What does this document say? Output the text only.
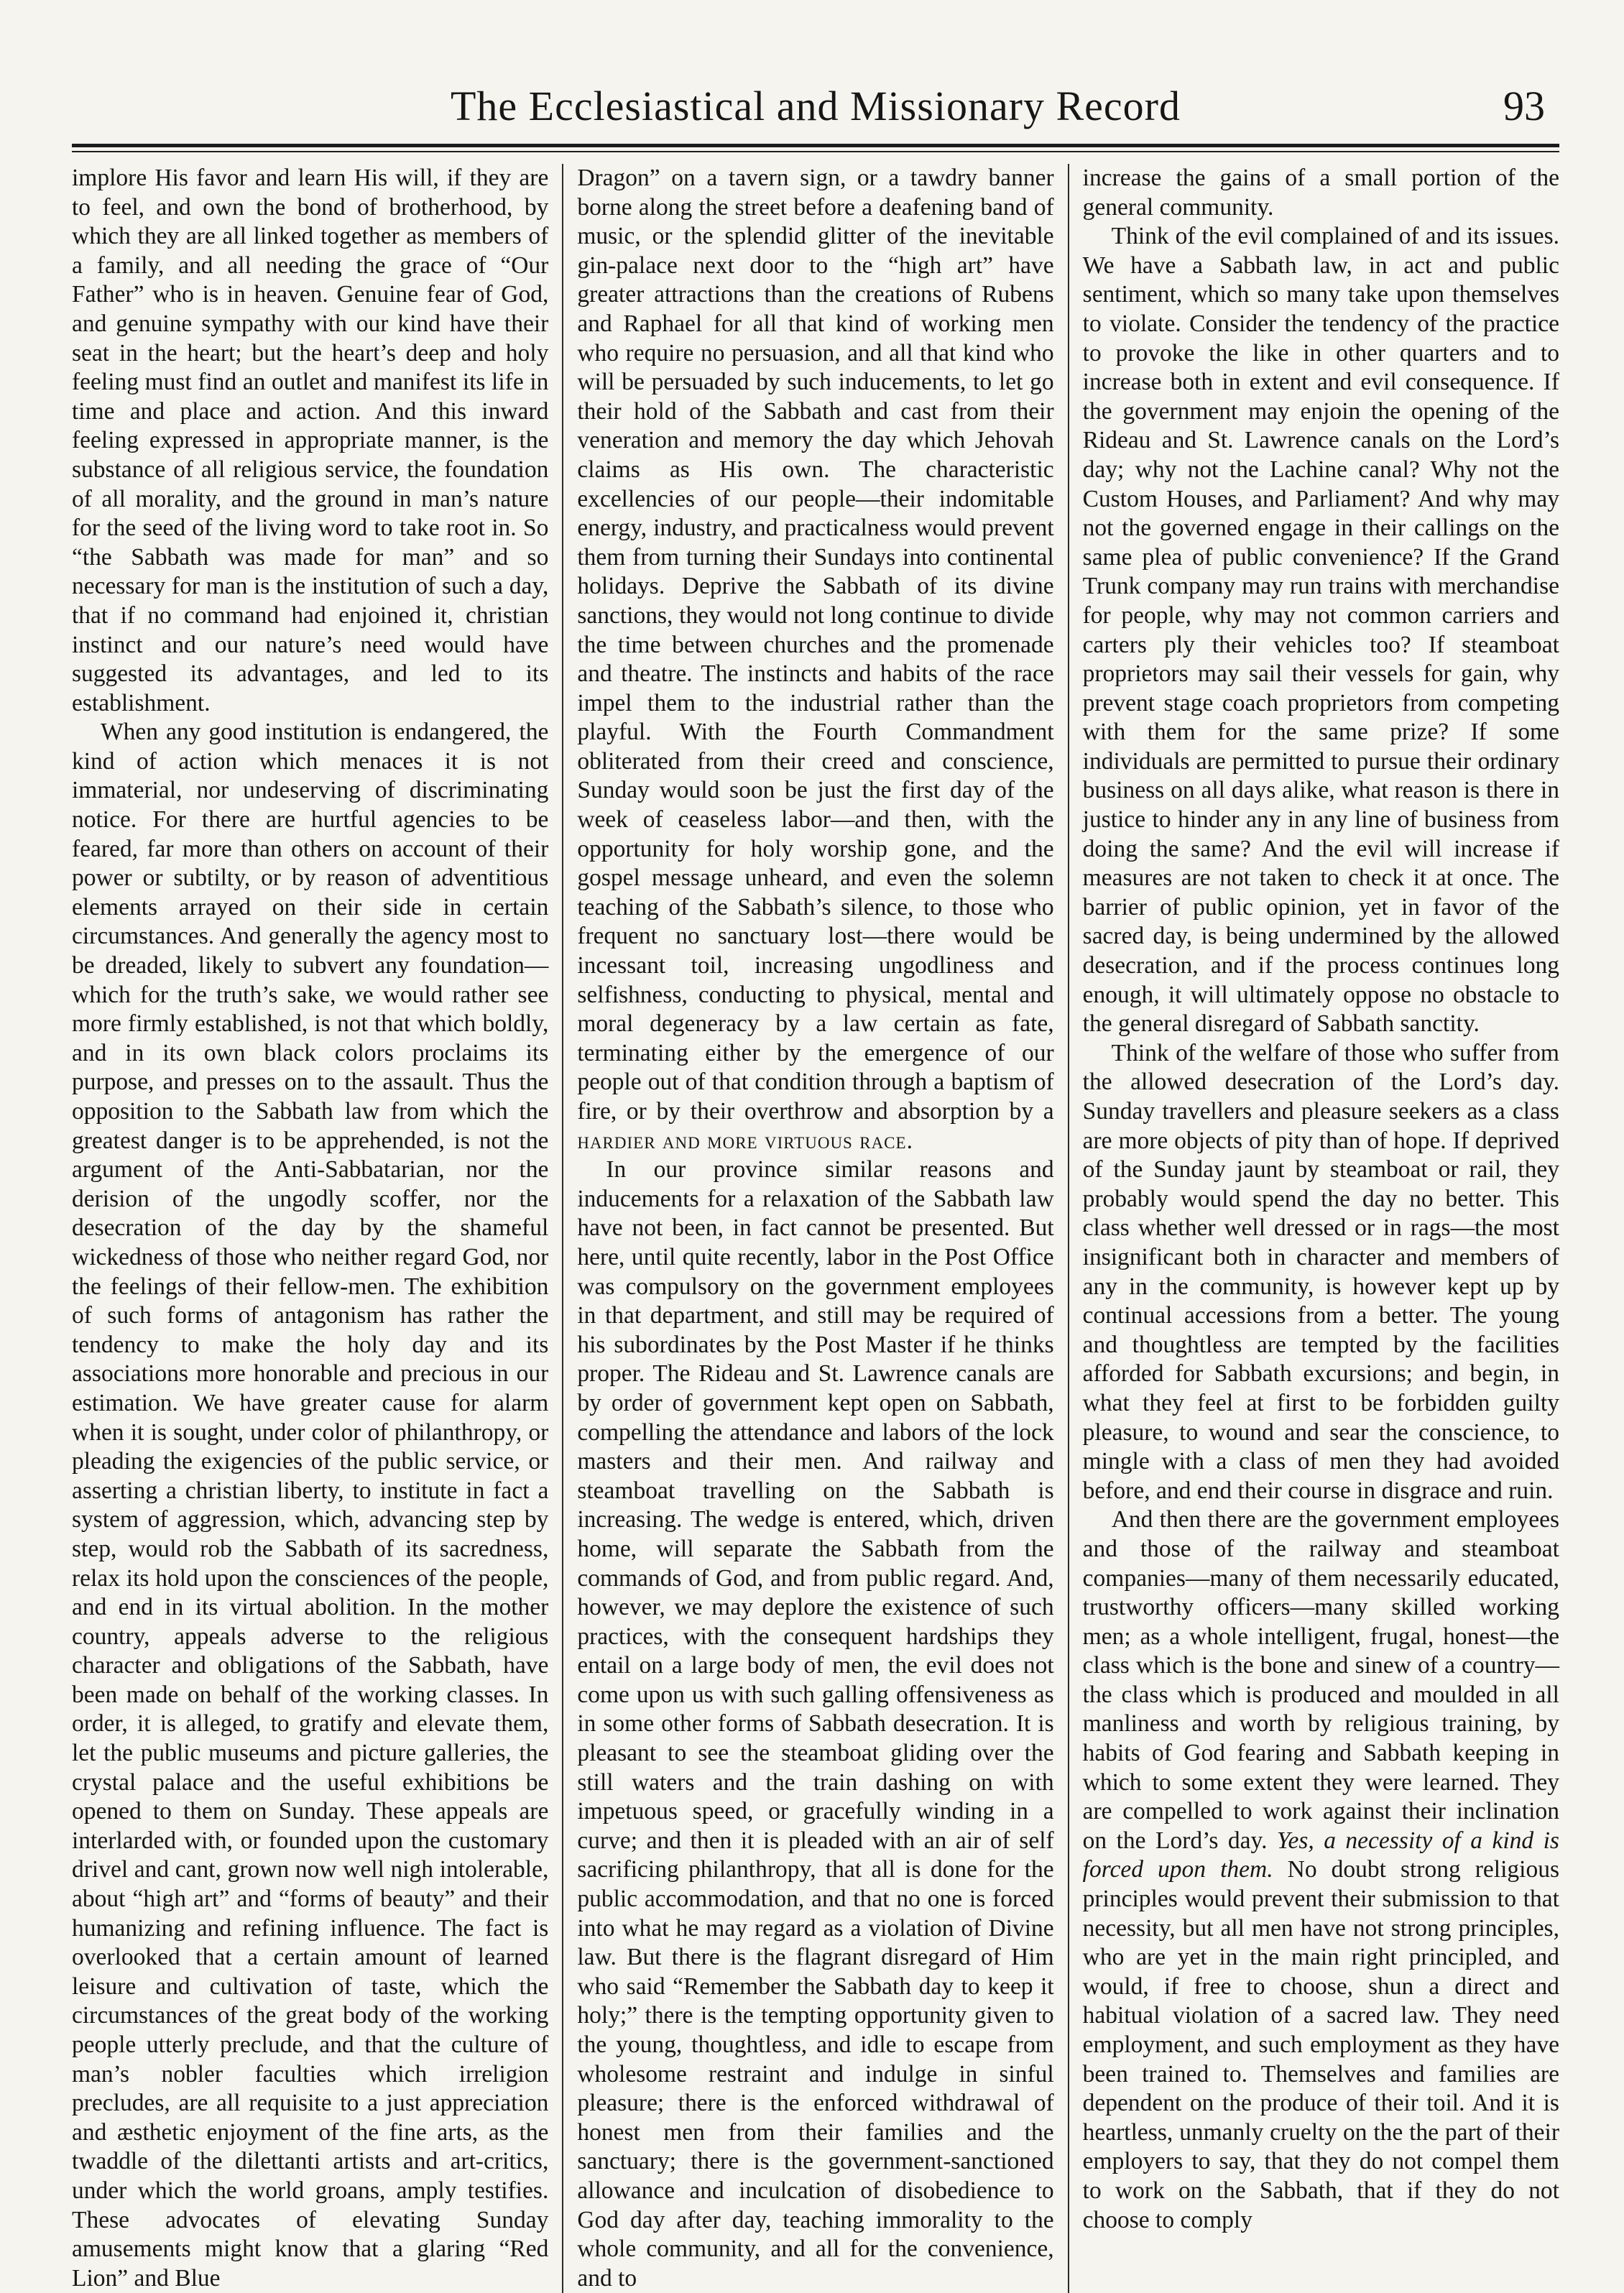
The Ecclesiastical and Missionary Record	93

implore His favor and learn His will, if they are to feel, and own the bond of brotherhood, by which they are all linked together as members of a family, and all needing the grace of “Our Father” who is in heaven. Genuine fear of God, and genuine sympathy with our kind have their seat in the heart; but the heart’s deep and holy feeling must find an outlet and manifest its life in time and place and action. And this inward feeling expressed in appropriate manner, is the substance of all religious service, the foundation of all morality, and the ground in man’s nature for the seed of the living word to take root in. So “the Sabbath was made for man” and so necessary for man is the institution of such a day, that if no command had enjoined it, christian instinct and our nature’s need would have suggested its advantages, and led to its establishment.

When any good institution is endangered, the kind of action which menaces it is not immaterial, nor undeserving of discriminating notice. For there are hurtful agencies to be feared, far more than others on account of their power or subtilty, or by reason of adventitious elements arrayed on their side in certain circumstances. And generally the agency most to be dreaded, likely to subvert any foundation—which for the truth’s sake, we would rather see more firmly established, is not that which boldly, and in its own black colors proclaims its purpose, and presses on to the assault. Thus the opposition to the Sabbath law from which the greatest danger is to be apprehended, is not the argument of the Anti-Sabbatarian, nor the derision of the ungodly scoffer, nor the desecration of the day by the shameful wickedness of those who neither regard God, nor the feelings of their fellow-men. The exhibition of such forms of antagonism has rather the tendency to make the holy day and its associations more honorable and precious in our estimation. We have greater cause for alarm when it is sought, under color of philanthropy, or pleading the exigencies of the public service, or asserting a christian liberty, to institute in fact a system of aggression, which, advancing step by step, would rob the Sabbath of its sacredness, relax its hold upon the consciences of the people, and end in its virtual abolition. In the mother country, appeals adverse to the religious character and obligations of the Sabbath, have been made on behalf of the working classes. In order, it is alleged, to gratify and elevate them, let the public museums and picture galleries, the crystal palace and the useful exhibitions be opened to them on Sunday. These appeals are interlarded with, or founded upon the customary drivel and cant, grown now well nigh intolerable, about “high art” and “forms of beauty” and their humanizing and refining influence. The fact is overlooked that a certain amount of learned leisure and cultivation of taste, which the circumstances of the great body of the working people utterly preclude, and that the culture of man’s nobler faculties which irreligion precludes, are all requisite to a just appreciation and æsthetic enjoyment of the fine arts, as the twaddle of the dilettanti artists and art-critics, under which the world groans, amply testifies. These advocates of elevating Sunday amusements might know that a glaring “Red Lion” and Blue

Dragon” on a tavern sign, or a tawdry banner borne along the street before a deafening band of music, or the splendid glitter of the inevitable gin-palace next door to the “high art” have greater attractions than the creations of Rubens and Raphael for all that kind of working men who require no persuasion, and all that kind who will be persuaded by such inducements, to let go their hold of the Sabbath and cast from their veneration and memory the day which Jehovah claims as His own. The characteristic excellencies of our people—their indomitable energy, industry, and practicalness would prevent them from turning their Sundays into continental holidays. Deprive the Sabbath of its divine sanctions, they would not long continue to divide the time between churches and the promenade and theatre. The instincts and habits of the race impel them to the industrial rather than the playful. With the Fourth Commandment obliterated from their creed and conscience, Sunday would soon be just the first day of the week of ceaseless labor—and then, with the opportunity for holy worship gone, and the gospel message unheard, and even the solemn teaching of the Sabbath’s silence, to those who frequent no sanctuary lost—there would be incessant toil, increasing ungodliness and selfishness, conducting to physical, mental and moral degeneracy by a law certain as fate, terminating either by the emergence of our people out of that condition through a baptism of fire, or by their overthrow and absorption by a hardier and more virtuous race.

In our province similar reasons and inducements for a relaxation of the Sabbath law have not been, in fact cannot be presented. But here, until quite recently, labor in the Post Office was compulsory on the government employees in that department, and still may be required of his subordinates by the Post Master if he thinks proper. The Rideau and St. Lawrence canals are by order of government kept open on Sabbath, compelling the attendance and labors of the lock masters and their men. And railway and steamboat travelling on the Sabbath is increasing. The wedge is entered, which, driven home, will separate the Sabbath from the commands of God, and from public regard. And, however, we may deplore the existence of such practices, with the consequent hardships they entail on a large body of men, the evil does not come upon us with such galling offensiveness as in some other forms of Sabbath desecration. It is pleasant to see the steamboat gliding over the still waters and the train dashing on with impetuous speed, or gracefully winding in a curve; and then it is pleaded with an air of self sacrificing philanthropy, that all is done for the public accommodation, and that no one is forced into what he may regard as a violation of Divine law. But there is the flagrant disregard of Him who said “Remember the Sabbath day to keep it holy;” there is the tempting opportunity given to the young, thoughtless, and idle to escape from wholesome restraint and indulge in sinful pleasure; there is the enforced withdrawal of honest men from their families and the sanctuary; there is the government-sanctioned allowance and inculcation of disobedience to God day after day, teaching immorality to the whole community, and all for the convenience, and to

increase the gains of a small portion of the general community.

Think of the evil complained of and its issues. We have a Sabbath law, in act and public sentiment, which so many take upon themselves to violate. Consider the tendency of the practice to provoke the like in other quarters and to increase both in extent and evil consequence. If the government may enjoin the opening of the Rideau and St. Lawrence canals on the Lord’s day; why not the Lachine canal? Why not the Custom Houses, and Parliament? And why may not the governed engage in their callings on the same plea of public convenience? If the Grand Trunk company may run trains with merchandise for people, why may not common carriers and carters ply their vehicles too? If steamboat proprietors may sail their vessels for gain, why prevent stage coach proprietors from competing with them for the same prize? If some individuals are permitted to pursue their ordinary business on all days alike, what reason is there in justice to hinder any in any line of business from doing the same? And the evil will increase if measures are not taken to check it at once. The barrier of public opinion, yet in favor of the sacred day, is being undermined by the allowed desecration, and if the process continues long enough, it will ultimately oppose no obstacle to the general disregard of Sabbath sanctity.

Think of the welfare of those who suffer from the allowed desecration of the Lord’s day. Sunday travellers and pleasure seekers as a class are more objects of pity than of hope. If deprived of the Sunday jaunt by steamboat or rail, they probably would spend the day no better. This class whether well dressed or in rags—the most insignificant both in character and members of any in the community, is however kept up by continual accessions from a better. The young and thoughtless are tempted by the facilities afforded for Sabbath excursions; and begin, in what they feel at first to be forbidden guilty pleasure, to wound and sear the conscience, to mingle with a class of men they had avoided before, and end their course in disgrace and ruin.

And then there are the government employees and those of the railway and steamboat companies—many of them necessarily educated, trustworthy officers—many skilled working men; as a whole intelligent, frugal, honest—the class which is the bone and sinew of a country—the class which is produced and moulded in all manliness and worth by religious training, by habits of God fearing and Sabbath keeping in which to some extent they were learned. They are compelled to work against their inclination on the Lord’s day. Yes, a necessity of a kind is forced upon them. No doubt strong religious principles would prevent their submission to that necessity, but all men have not strong principles, who are yet in the main right principled, and would, if free to choose, shun a direct and habitual violation of a sacred law. They need employment, and such employment as they have been trained to. Themselves and families are dependent on the produce of their toil. And it is heartless, unmanly cruelty on the the part of their employers to say, that they do not compel them to work on the Sabbath, that if they do not choose to comply
